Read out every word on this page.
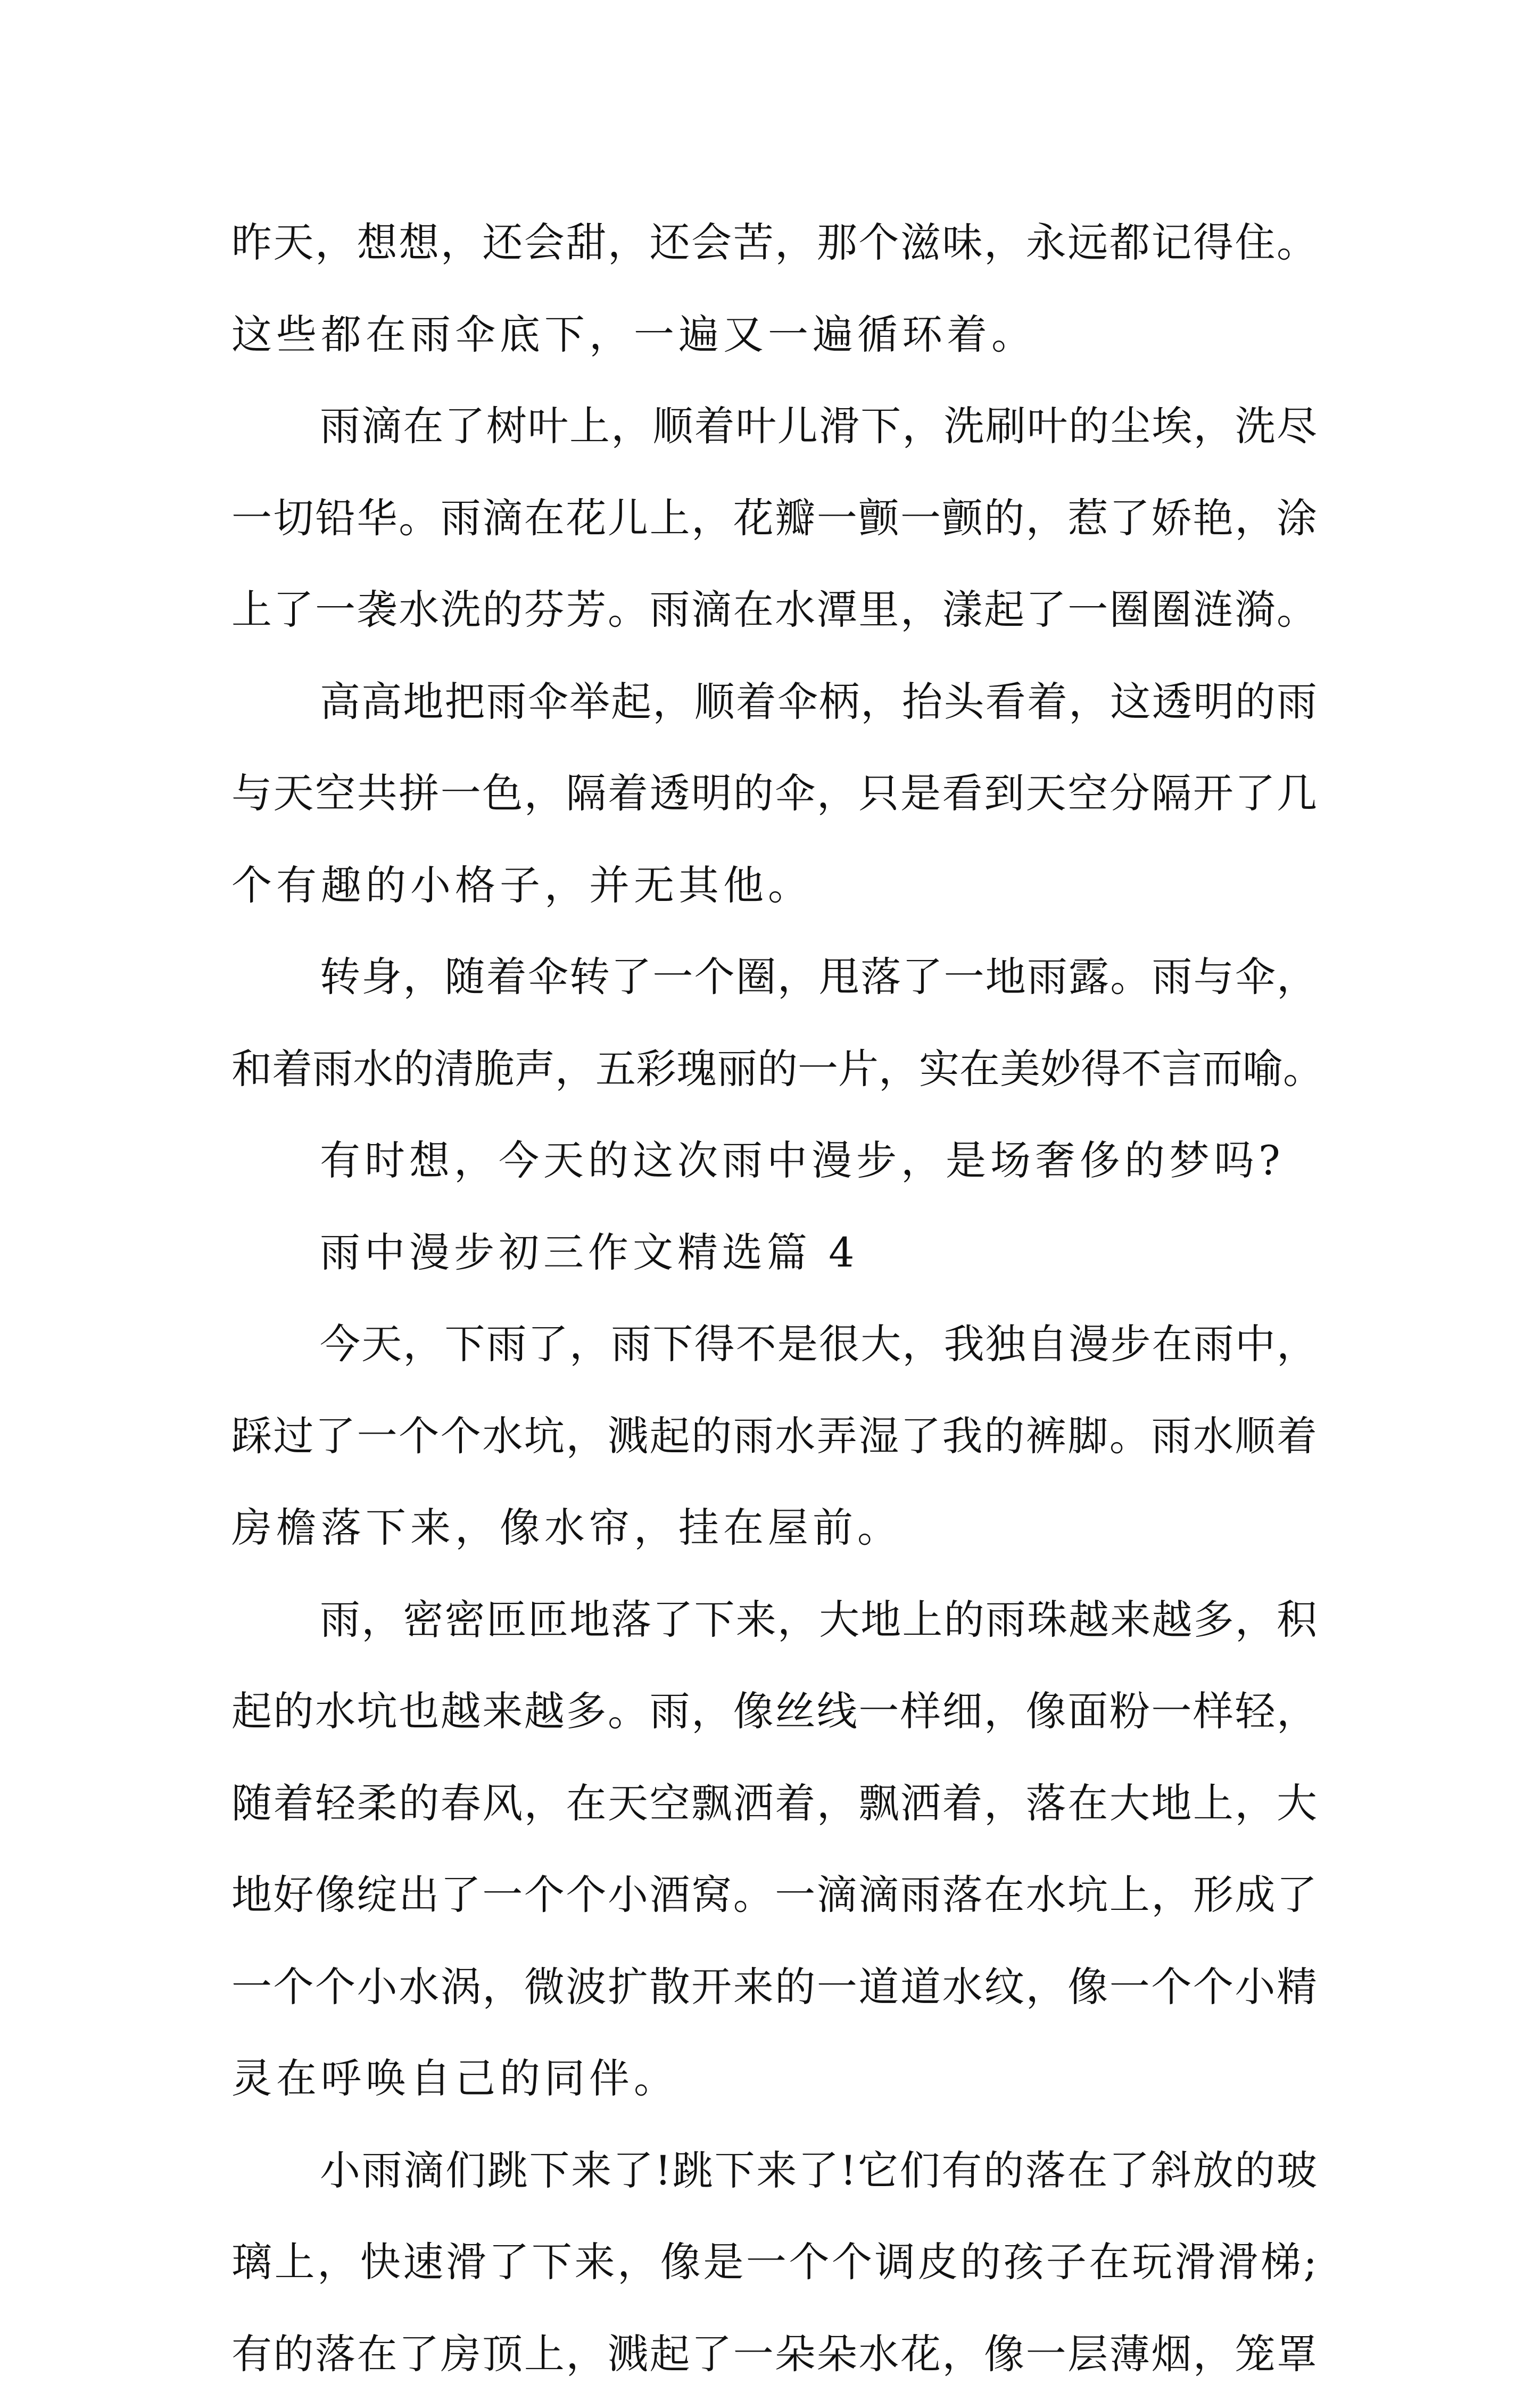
昨天，想想，还会甜，还会苦，那个滋味，永远都记得住。
这些都在雨伞底下，一遍又一遍循环着。
雨滴在了树叶上，顺着叶儿滑下，洗刷叶的尘埃，洗尽
一切铅华。雨滴在花儿上，花瓣一颤一颤的，惹了娇艳，涂
上了一袭水洗的芬芳。雨滴在水潭里，漾起了一圈圈涟漪。
高高地把雨伞举起，顺着伞柄，抬头看着，这透明的雨
与天空共拼一色，隔着透明的伞，只是看到天空分隔开了几
个有趣的小格子，并无其他。
转身，随着伞转了一个圈，甩落了一地雨露。雨与伞，
和着雨水的清脆声，五彩瑰丽的一片，实在美妙得不言而喻。
有时想，今天的这次雨中漫步，是场奢侈的梦吗?
雨中漫步初三作文精选篇 4
今天，下雨了，雨下得不是很大，我独自漫步在雨中，
踩过了一个个水坑，溅起的雨水弄湿了我的裤脚。雨水顺着
房檐落下来，像水帘，挂在屋前。
雨，密密匝匝地落了下来，大地上的雨珠越来越多，积
起的水坑也越来越多。雨，像丝线一样细，像面粉一样轻，
随着轻柔的春风，在天空飘洒着，飘洒着，落在大地上，大
地好像绽出了一个个小酒窝。一滴滴雨落在水坑上，形成了
一个个小水涡，微波扩散开来的一道道水纹，像一个个小精
灵在呼唤自己的同伴。
小雨滴们跳下来了!跳下来了!它们有的落在了斜放的玻
璃上，快速滑了下来，像是一个个调皮的孩子在玩滑滑梯;
有的落在了房顶上，溅起了一朵朵水花，像一层薄烟，笼罩
